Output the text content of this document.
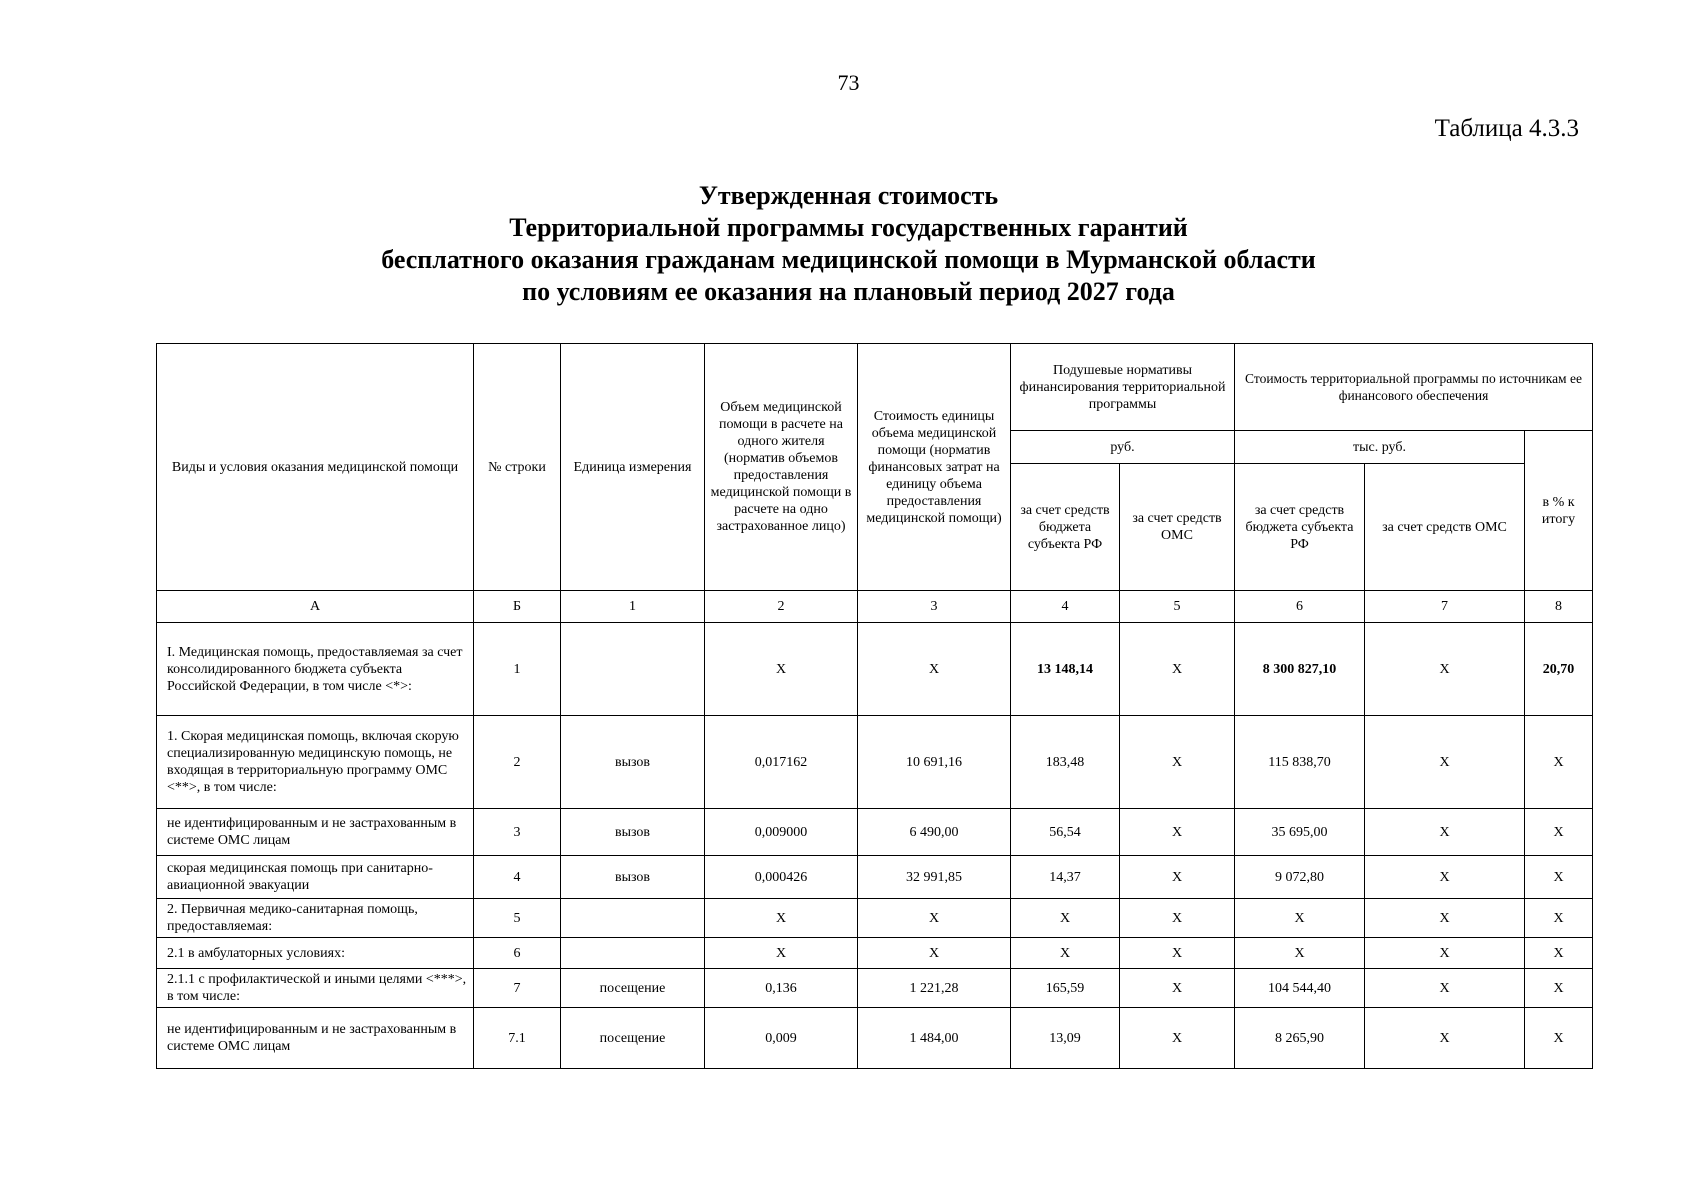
73
Таблица 4.3.3
Утвержденная стоимость
Территориальной программы государственных гарантий
бесплатного оказания гражданам медицинской помощи в Мурманской области
по условиям ее оказания на плановый период 2027 года
Виды и условия оказания медицинской помощи	№ строки	Единица измерения	Объем медицинской помощи в расчете на одного жителя (норматив объемов предоставления медицинской помощи в расчете на одно застрахованное лицо)	Стоимость единицы объема медицинской помощи (норматив финансовых затрат на единицу объема предоставления медицинской помощи)	Подушевые нормативы финансирования территориальной программы		Стоимость территориальной программы по источникам ее финансового обеспечения		
					руб.		тыс. руб.		в % к итогу
					за счет средств бюджета субъекта РФ	за счет средств ОМС	за счет средств бюджета субъекта РФ	за счет средств ОМС	
А	Б	1	2	3	4	5	6	7	8
I. Медицинская помощь, предоставляемая за счет консолидированного бюджета субъекта Российской Федерации, в том числе <*>:	1		X	X	13 148,14	X	8 300 827,10	X	20,70
1. Скорая медицинская помощь, включая скорую специализированную медицинскую помощь, не входящая в территориальную программу ОМС <**>, в том числе:	2	вызов	0,017162	10 691,16	183,48	X	115 838,70	X	X
не идентифицированным и не застрахованным в системе ОМС лицам	3	вызов	0,009000	6 490,00	56,54	X	35 695,00	X	X
скорая медицинская помощь при санитарно-авиационной эвакуации	4	вызов	0,000426	32 991,85	14,37	X	9 072,80	X	X
2. Первичная медико-санитарная помощь, предоставляемая:	5		X	X	X	X	X	X	X
2.1 в амбулаторных условиях:	6		X	X	X	X	X	X	X
2.1.1 с профилактической и иными целями <***>, в том числе:	7	посещение	0,136	1 221,28	165,59	X	104 544,40	X	X
не идентифицированным и не застрахованным в системе ОМС лицам	7.1	посещение	0,009	1 484,00	13,09	X	8 265,90	X	X
